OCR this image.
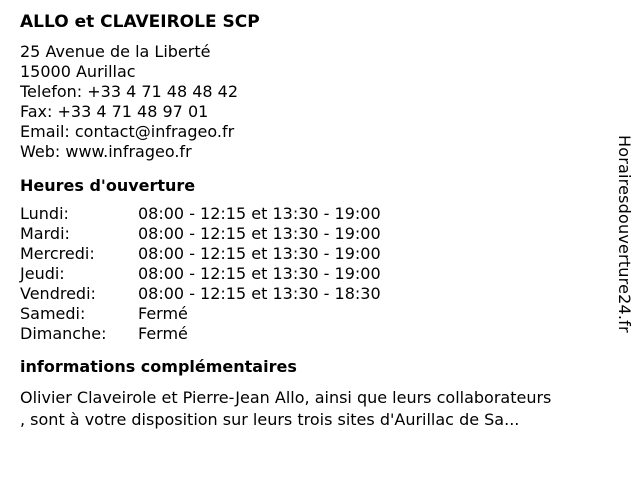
ALLO et CLAVEIROLE SCP
25 Avenue de la Liberté
15000 Aurillac
Telefon: +33 4 71 48 48 42
Fax: +33 4 71 48 97 01
Email: contact@infrageo.fr
Web: www.infrageo.fr
Heures d'ouverture
Lundi:	08:00 - 12:15 et 13:30 - 19:00
Mardi:	08:00 - 12:15 et 13:30 - 19:00
Mercredi:	08:00 - 12:15 et 13:30 - 19:00
Jeudi:	08:00 - 12:15 et 13:30 - 19:00
Vendredi:	08:00 - 12:15 et 13:30 - 18:30
Samedi:	Fermé
Dimanche:	Fermé
informations complémentaires
Olivier Claveirole et Pierre-Jean Allo, ainsi que leurs collaborateurs
, sont à votre disposition sur leurs trois sites d'Aurillac de Sa...
Horairesdouverture24.fr
